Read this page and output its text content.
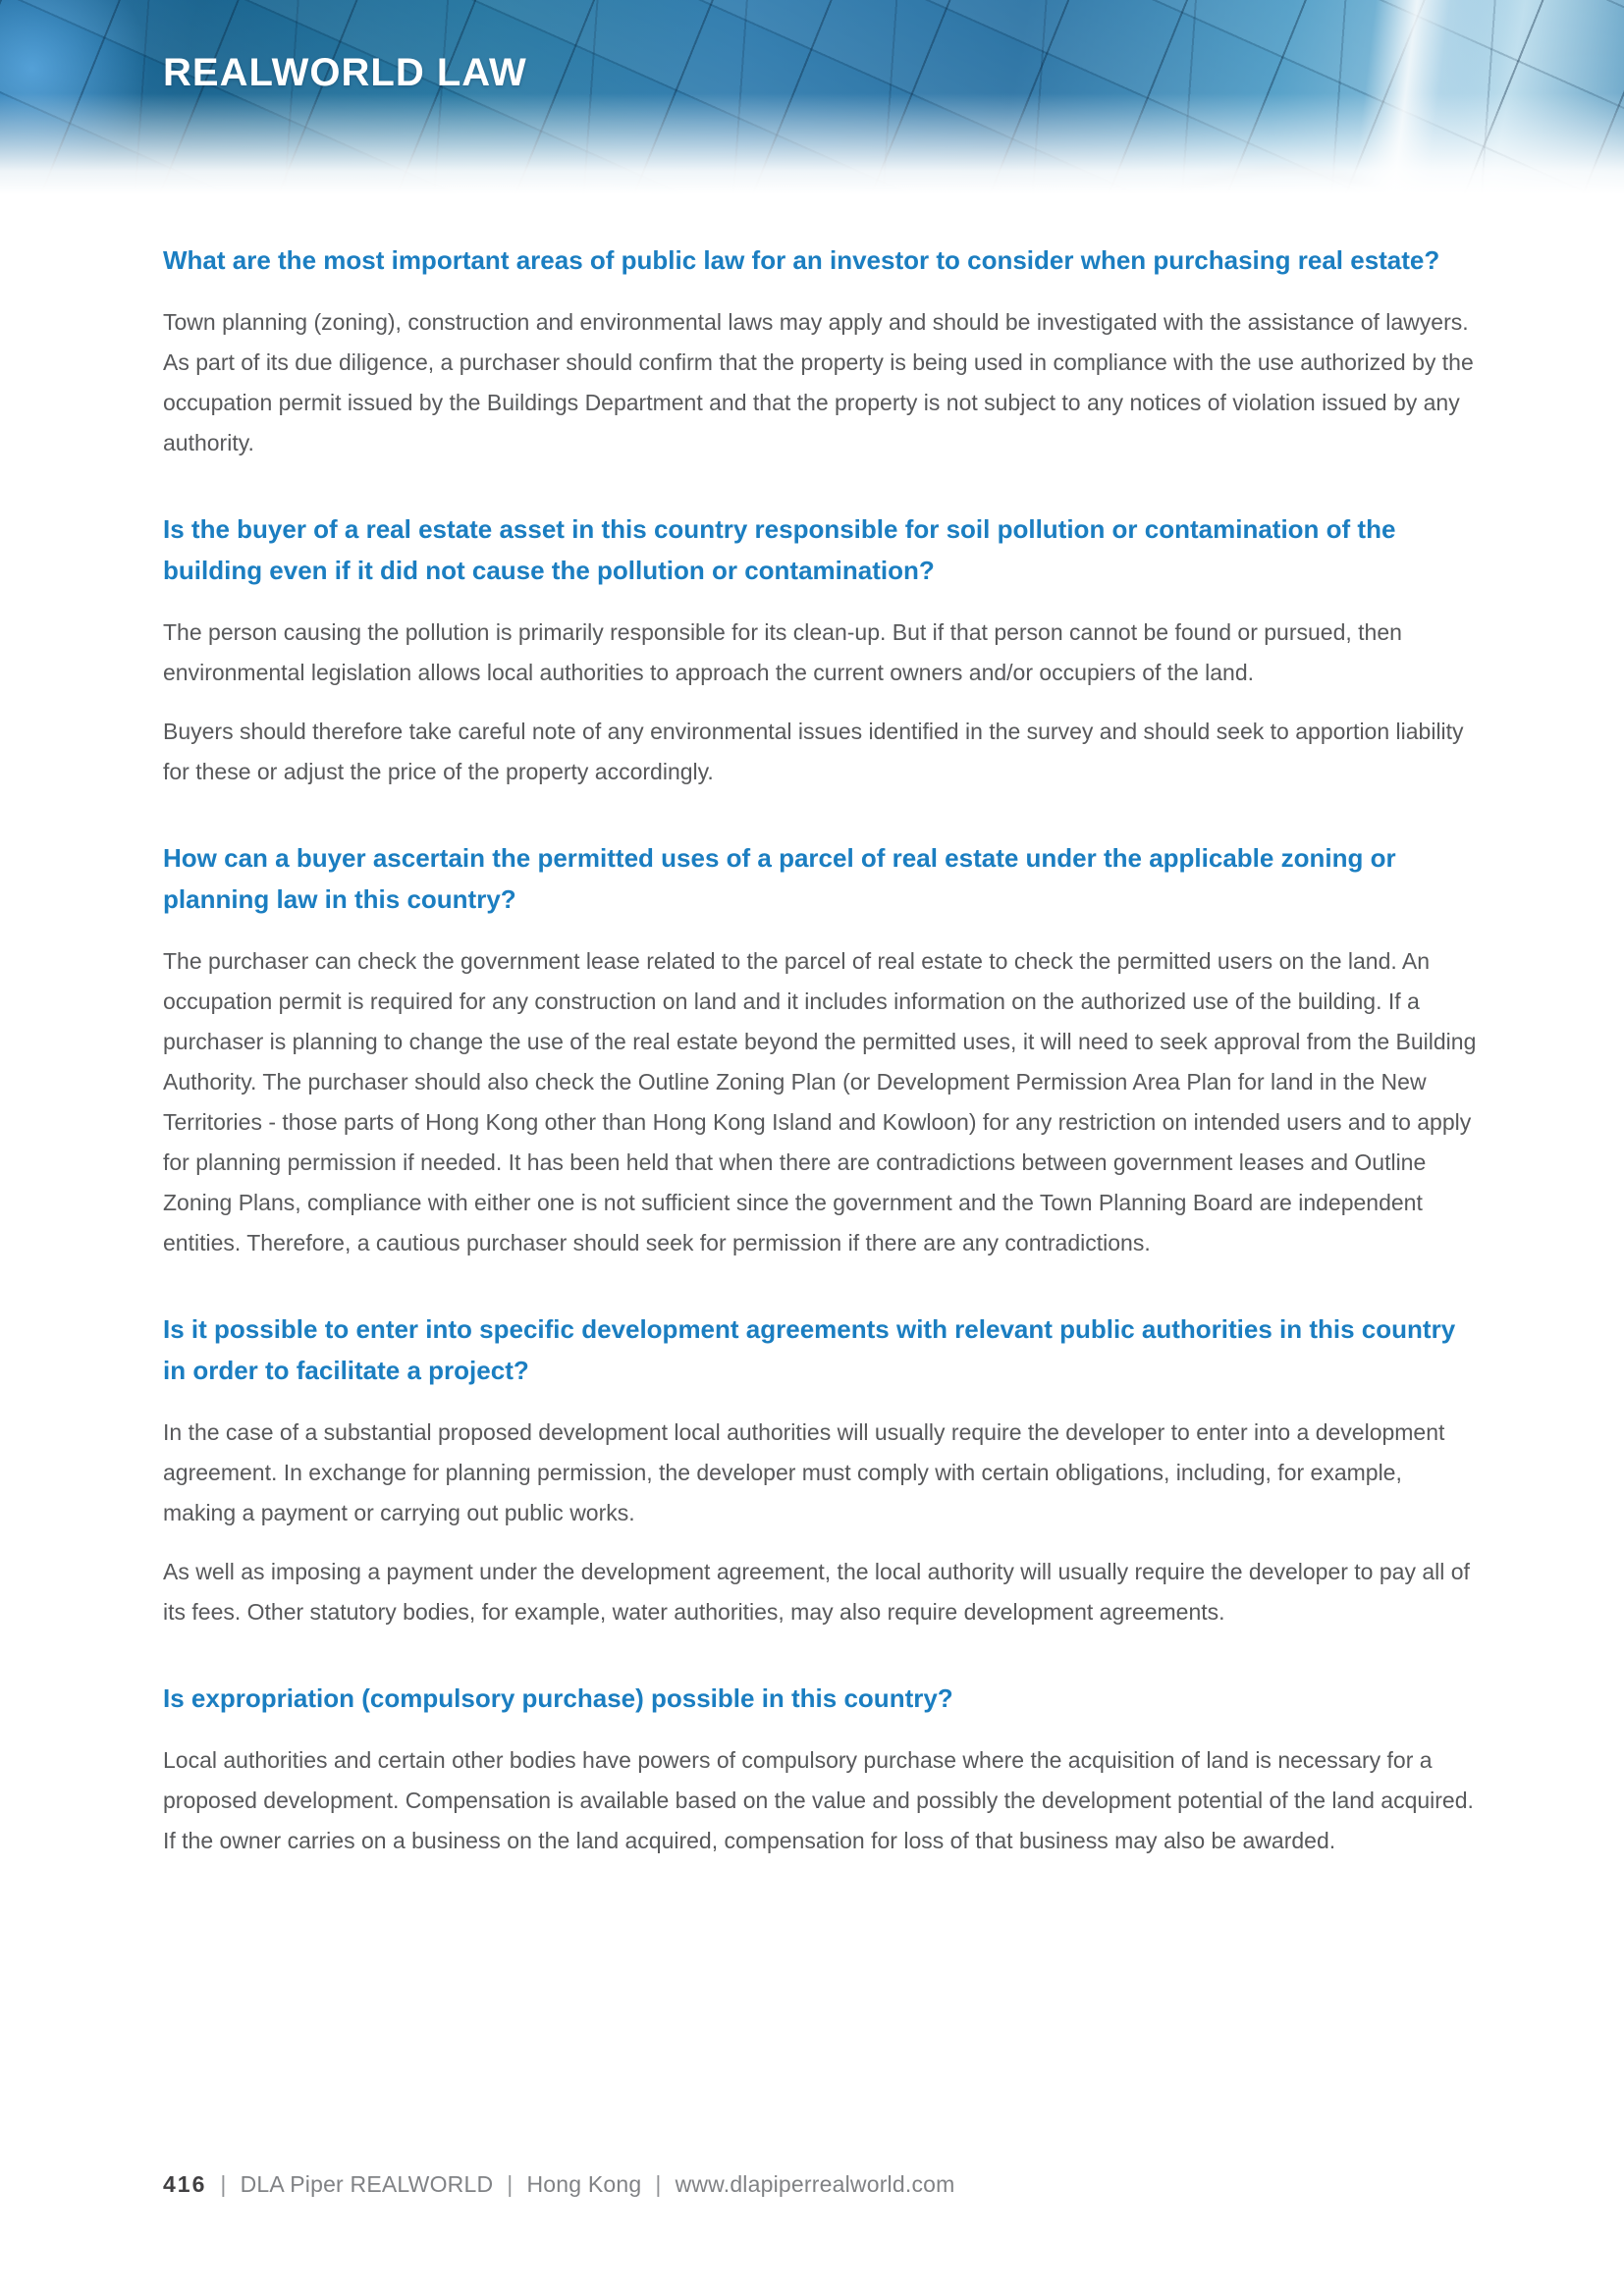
REALWORLD LAW
What are the most important areas of public law for an investor to consider when purchasing real estate?

Town planning (zoning), construction and environmental laws may apply and should be investigated with the assistance of lawyers. As part of its due diligence, a purchaser should confirm that the property is being used in compliance with the use authorized by the occupation permit issued by the Buildings Department and that the property is not subject to any notices of violation issued by any authority.

Is the buyer of a real estate asset in this country responsible for soil pollution or contamination of the building even if it did not cause the pollution or contamination?

The person causing the pollution is primarily responsible for its clean-up. But if that person cannot be found or pursued, then environmental legislation allows local authorities to approach the current owners and/or occupiers of the land.

Buyers should therefore take careful note of any environmental issues identified in the survey and should seek to apportion liability for these or adjust the price of the property accordingly.

How can a buyer ascertain the permitted uses of a parcel of real estate under the applicable zoning or planning law in this country?

The purchaser can check the government lease related to the parcel of real estate to check the permitted users on the land. An occupation permit is required for any construction on land and it includes information on the authorized use of the building. If a purchaser is planning to change the use of the real estate beyond the permitted uses, it will need to seek approval from the Building Authority. The purchaser should also check the Outline Zoning Plan (or Development Permission Area Plan for land in the New Territories - those parts of Hong Kong other than Hong Kong Island and Kowloon) for any restriction on intended users and to apply for planning permission if needed. It has been held that when there are contradictions between government leases and Outline Zoning Plans, compliance with either one is not sufficient since the government and the Town Planning Board are independent entities. Therefore, a cautious purchaser should seek for permission if there are any contradictions.

Is it possible to enter into specific development agreements with relevant public authorities in this country in order to facilitate a project?

In the case of a substantial proposed development local authorities will usually require the developer to enter into a development agreement. In exchange for planning permission, the developer must comply with certain obligations, including, for example, making a payment or carrying out public works.

As well as imposing a payment under the development agreement, the local authority will usually require the developer to pay all of its fees. Other statutory bodies, for example, water authorities, may also require development agreements.

Is expropriation (compulsory purchase) possible in this country?

Local authorities and certain other bodies have powers of compulsory purchase where the acquisition of land is necessary for a proposed development. Compensation is available based on the value and possibly the development potential of the land acquired. If the owner carries on a business on the land acquired, compensation for loss of that business may also be awarded.

416 | DLA Piper REALWORLD | Hong Kong | www.dlapiperrealworld.com
